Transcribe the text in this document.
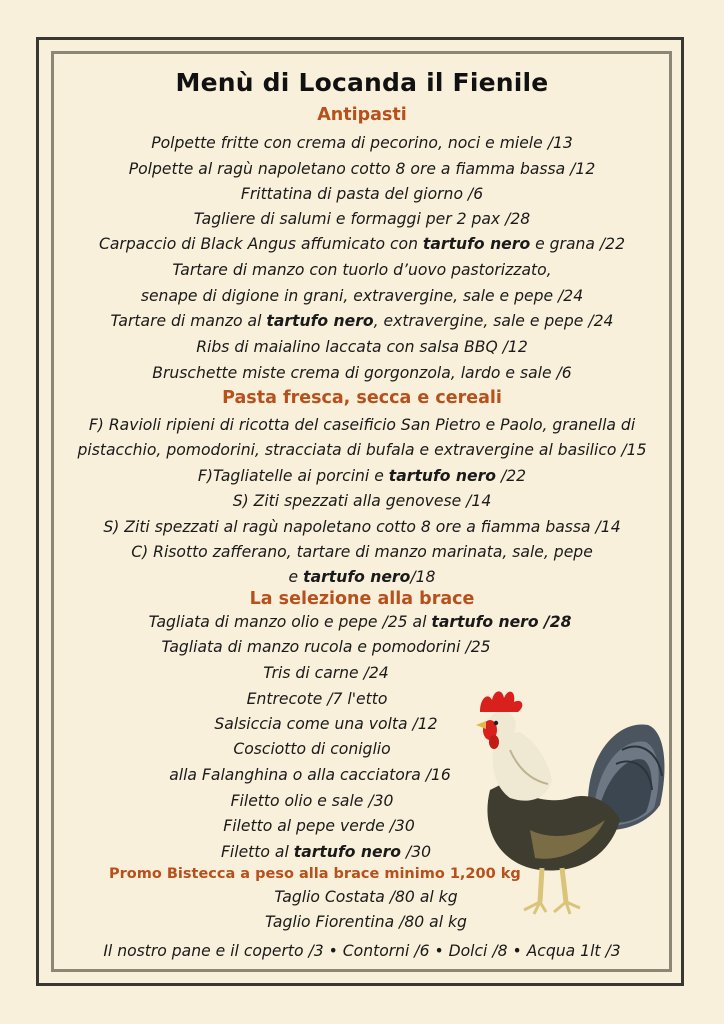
Menù di Locanda il Fienile
Antipasti
Polpette fritte con crema di pecorino, noci e miele /13
Polpette al ragù napoletano cotto 8 ore a fiamma bassa /12
Frittatina di pasta del giorno /6
Tagliere di salumi e formaggi per 2 pax /28
Carpaccio di Black Angus affumicato con tartufo nero e grana /22
Tartare di manzo con tuorlo d’uovo pastorizzato,
senape di digione in grani, extravergine, sale e pepe /24
Tartare di manzo al tartufo nero, extravergine, sale e pepe /24
Ribs di maialino laccata con salsa BBQ /12
Bruschette miste crema di gorgonzola, lardo e sale /6
Pasta fresca, secca e cereali
F) Ravioli ripieni di ricotta del caseificio San Pietro e Paolo, granella di
pistacchio, pomodorini, stracciata di bufala e extravergine al basilico /15
F)Tagliatelle ai porcini e tartufo nero /22
S) Ziti spezzati alla genovese /14
S) Ziti spezzati al ragù napoletano cotto 8 ore a fiamma bassa /14
C) Risotto zafferano, tartare di manzo marinata, sale, pepe
e tartufo nero/18
La selezione alla brace
Tagliata di manzo olio e pepe /25 al tartufo nero /28
Tagliata di manzo rucola e pomodorini /25
Tris di carne /24
Entrecote /7 l'etto
Salsiccia come una volta /12
Cosciotto di coniglio
alla Falanghina o alla cacciatora /16
Filetto olio e sale /30
Filetto al pepe verde /30
Filetto al tartufo nero /30
Promo Bistecca a peso alla brace minimo 1,200 kg
Taglio Costata /80 al kg
Taglio Fiorentina /80 al kg
Il nostro pane e il coperto /3 • Contorni /6 • Dolci /8 • Acqua 1lt /3
